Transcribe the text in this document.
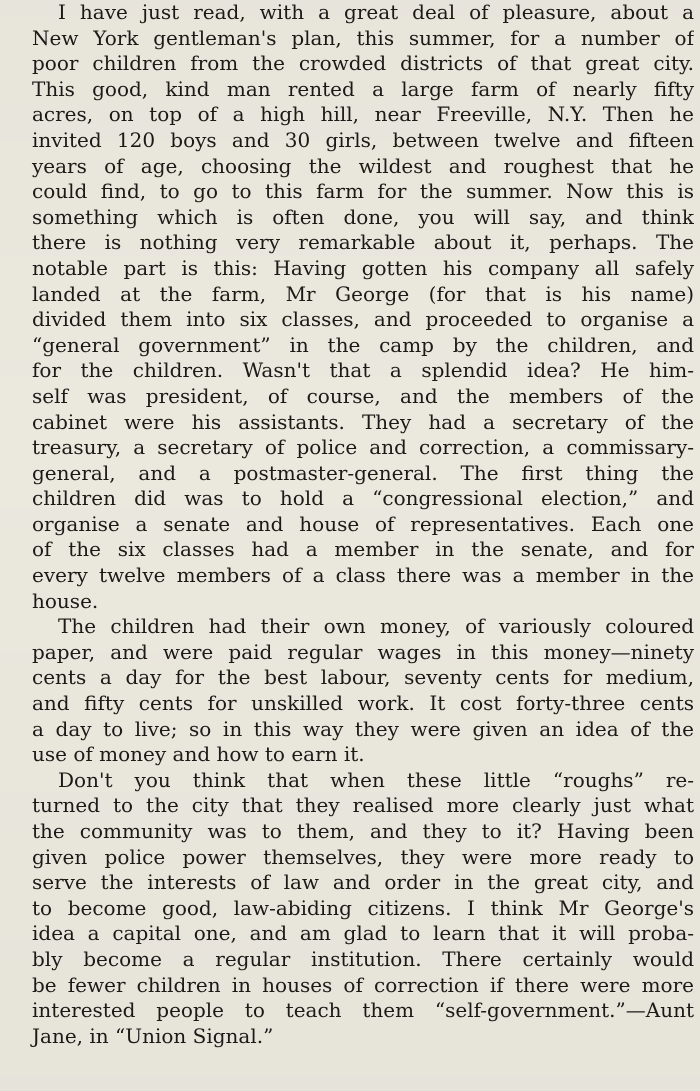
I have just read, with a great deal of pleasure, about a
New York gentleman's plan, this summer, for a number of
poor children from the crowded districts of that great city.
This good, kind man rented a large farm of nearly fifty
acres, on top of a high hill, near Freeville, N.Y. Then he
invited 120 boys and 30 girls, between twelve and fifteen
years of age, choosing the wildest and roughest that he
could find, to go to this farm for the summer. Now this is
something which is often done, you will say, and think
there is nothing very remarkable about it, perhaps. The
notable part is this: Having gotten his company all safely
landed at the farm, Mr George (for that is his name)
divided them into six classes, and proceeded to organise a
“general government” in the camp by the children, and
for the children. Wasn't that a splendid idea? He him-
self was president, of course, and the members of the
cabinet were his assistants. They had a secretary of the
treasury, a secretary of police and correction, a commissary-
general, and a postmaster-general. The first thing the
children did was to hold a “congressional election,” and
organise a senate and house of representatives. Each one
of the six classes had a member in the senate, and for
every twelve members of a class there was a member in the
house.
The children had their own money, of variously coloured
paper, and were paid regular wages in this money—ninety
cents a day for the best labour, seventy cents for medium,
and fifty cents for unskilled work. It cost forty-three cents
a day to live; so in this way they were given an idea of the
use of money and how to earn it.
Don't you think that when these little “roughs” re-
turned to the city that they realised more clearly just what
the community was to them, and they to it? Having been
given police power themselves, they were more ready to
serve the interests of law and order in the great city, and
to become good, law-abiding citizens. I think Mr George's
idea a capital one, and am glad to learn that it will proba-
bly become a regular institution. There certainly would
be fewer children in houses of correction if there were more
interested people to teach them “self-government.”—Aunt
Jane, in “Union Signal.”
